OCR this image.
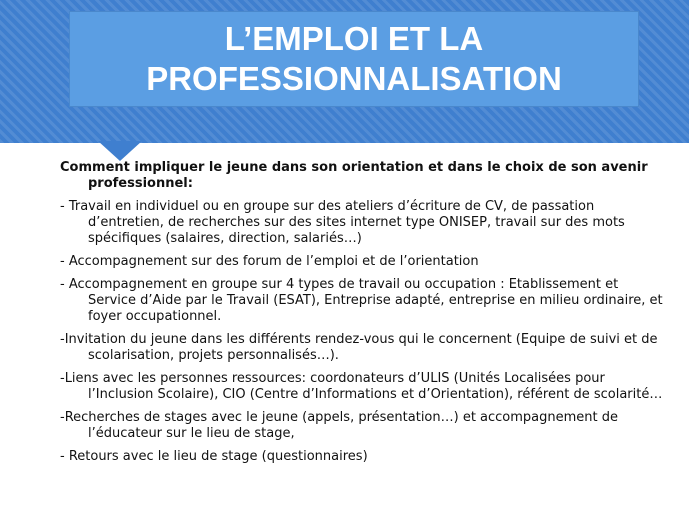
L’EMPLOI ET LA PROFESSIONNALISATION

Comment impliquer le jeune dans son orientation et dans le choix de son avenir professionnel:

- Travail en individuel ou en groupe sur des ateliers d’écriture de CV, de passation d’entretien, de recherches sur des sites internet type ONISEP, travail sur des mots spécifiques (salaires, direction, salariés…)

- Accompagnement sur des forum de l’emploi et de l’orientation

- Accompagnement en groupe sur 4 types de travail ou occupation : Etablissement et Service d’Aide par le Travail (ESAT), Entreprise adapté, entreprise en milieu ordinaire, et foyer occupationnel.

-Invitation du jeune dans les différents rendez-vous qui le concernent (Equipe de suivi et de scolarisation, projets personnalisés…).

-Liens avec les personnes ressources: coordonateurs d’ULIS (Unités Localisées pour l’Inclusion Scolaire), CIO (Centre d’Informations et d’Orientation), référent de scolarité…

-Recherches de stages avec le jeune (appels, présentation…) et accompagnement de l’éducateur sur le lieu de stage,

- Retours avec le lieu de stage (questionnaires)
